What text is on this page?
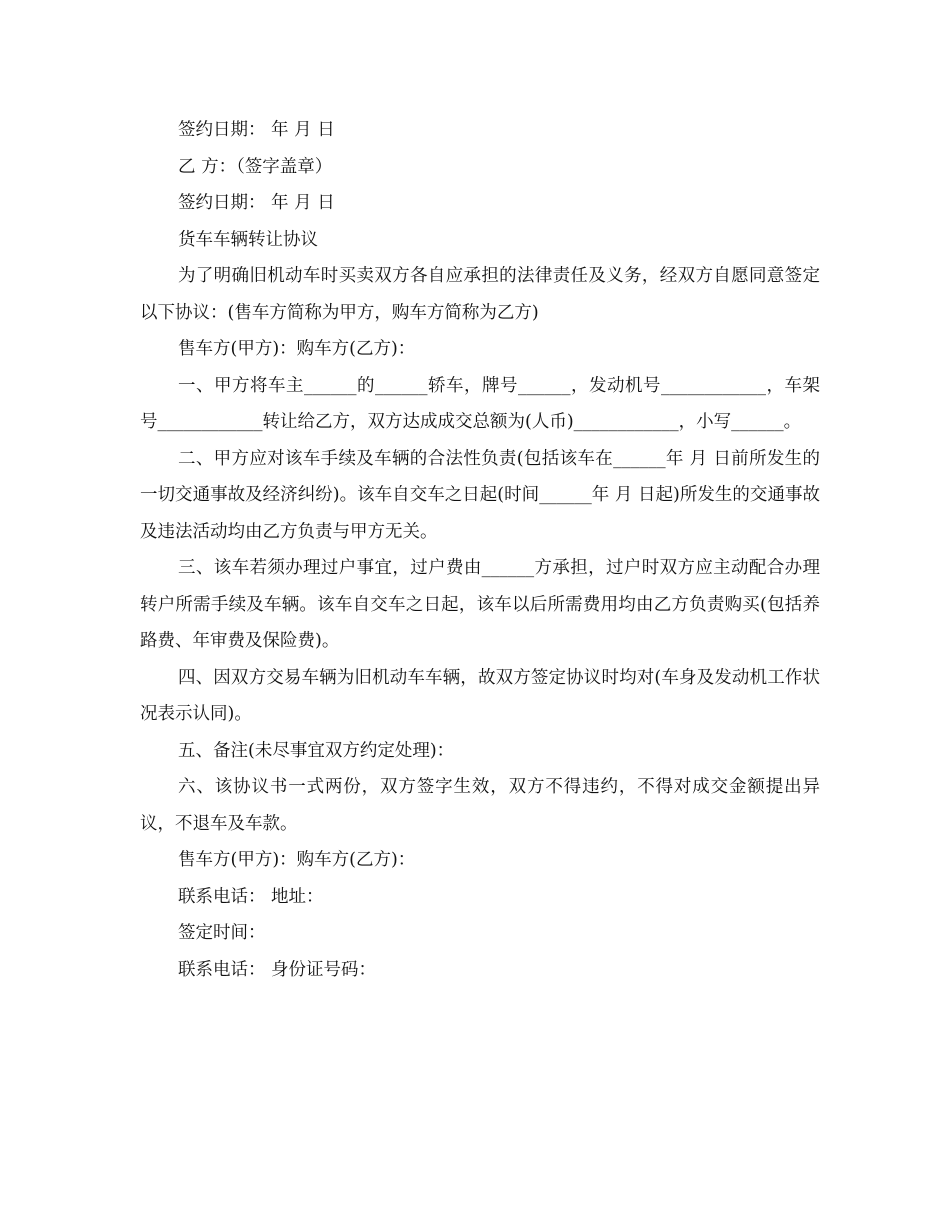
签约日期： 年 月 日

乙 方：（签字盖章）

签约日期： 年 月 日

货车车辆转让协议

为了明确旧机动车时买卖双方各自应承担的法律责任及义务，经双方自愿同意签定以下协议：(售车方简称为甲方，购车方简称为乙方)

售车方(甲方)：购车方(乙方)：

一、甲方将车主______的______轿车，牌号______，发动机号____________，车架号____________转让给乙方，双方达成成交总额为(人币)____________，小写______。

二、甲方应对该车手续及车辆的合法性负责(包括该车在______年 月 日前所发生的一切交通事故及经济纠纷)。该车自交车之日起(时间______年 月 日起)所发生的交通事故及违法活动均由乙方负责与甲方无关。

三、该车若须办理过户事宜，过户费由______方承担，过户时双方应主动配合办理转户所需手续及车辆。该车自交车之日起，该车以后所需费用均由乙方负责购买(包括养路费、年审费及保险费)。

四、因双方交易车辆为旧机动车车辆，故双方签定协议时均对(车身及发动机工作状况表示认同)。

五、备注(未尽事宜双方约定处理)：

六、该协议书一式两份，双方签字生效，双方不得违约，不得对成交金额提出异议，不退车及车款。

售车方(甲方)：购车方(乙方)：

联系电话： 地址：

签定时间：

联系电话： 身份证号码：
